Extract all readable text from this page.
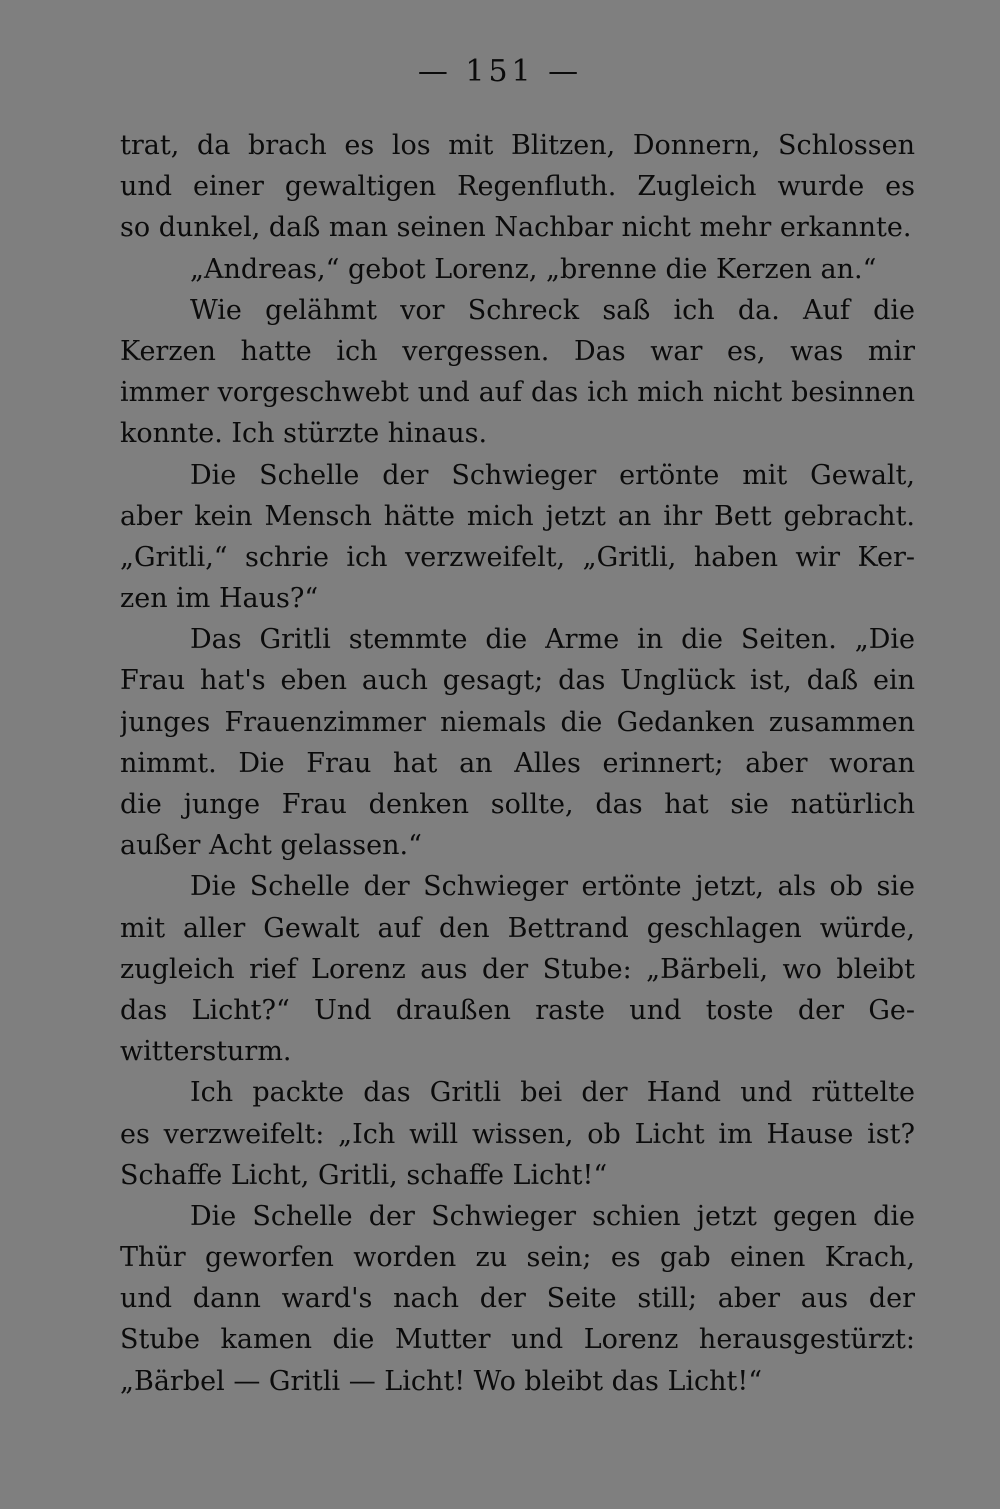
— 151 —
trat, da brach es los mit Blitzen, Donnern, Schlossen
und einer gewaltigen Regenfluth. Zugleich wurde es
so dunkel, daß man seinen Nachbar nicht mehr erkannte.
„Andreas,“ gebot Lorenz, „brenne die Kerzen an.“
Wie gelähmt vor Schreck saß ich da. Auf die
Kerzen hatte ich vergessen. Das war es, was mir
immer vorgeschwebt und auf das ich mich nicht besinnen
konnte. Ich stürzte hinaus.
Die Schelle der Schwieger ertönte mit Gewalt,
aber kein Mensch hätte mich jetzt an ihr Bett gebracht.
„Gritli,“ schrie ich verzweifelt, „Gritli, haben wir Ker-
zen im Haus?“
Das Gritli stemmte die Arme in die Seiten. „Die
Frau hat's eben auch gesagt; das Unglück ist, daß ein
junges Frauenzimmer niemals die Gedanken zusammen
nimmt. Die Frau hat an Alles erinnert; aber woran
die junge Frau denken sollte, das hat sie natürlich
außer Acht gelassen.“
Die Schelle der Schwieger ertönte jetzt, als ob sie
mit aller Gewalt auf den Bettrand geschlagen würde,
zugleich rief Lorenz aus der Stube: „Bärbeli, wo bleibt
das Licht?“ Und draußen raste und toste der Ge-
wittersturm.
Ich packte das Gritli bei der Hand und rüttelte
es verzweifelt: „Ich will wissen, ob Licht im Hause ist?
Schaffe Licht, Gritli, schaffe Licht!“
Die Schelle der Schwieger schien jetzt gegen die
Thür geworfen worden zu sein; es gab einen Krach,
und dann ward's nach der Seite still; aber aus der
Stube kamen die Mutter und Lorenz herausgestürzt:
„Bärbel — Gritli — Licht! Wo bleibt das Licht!“
